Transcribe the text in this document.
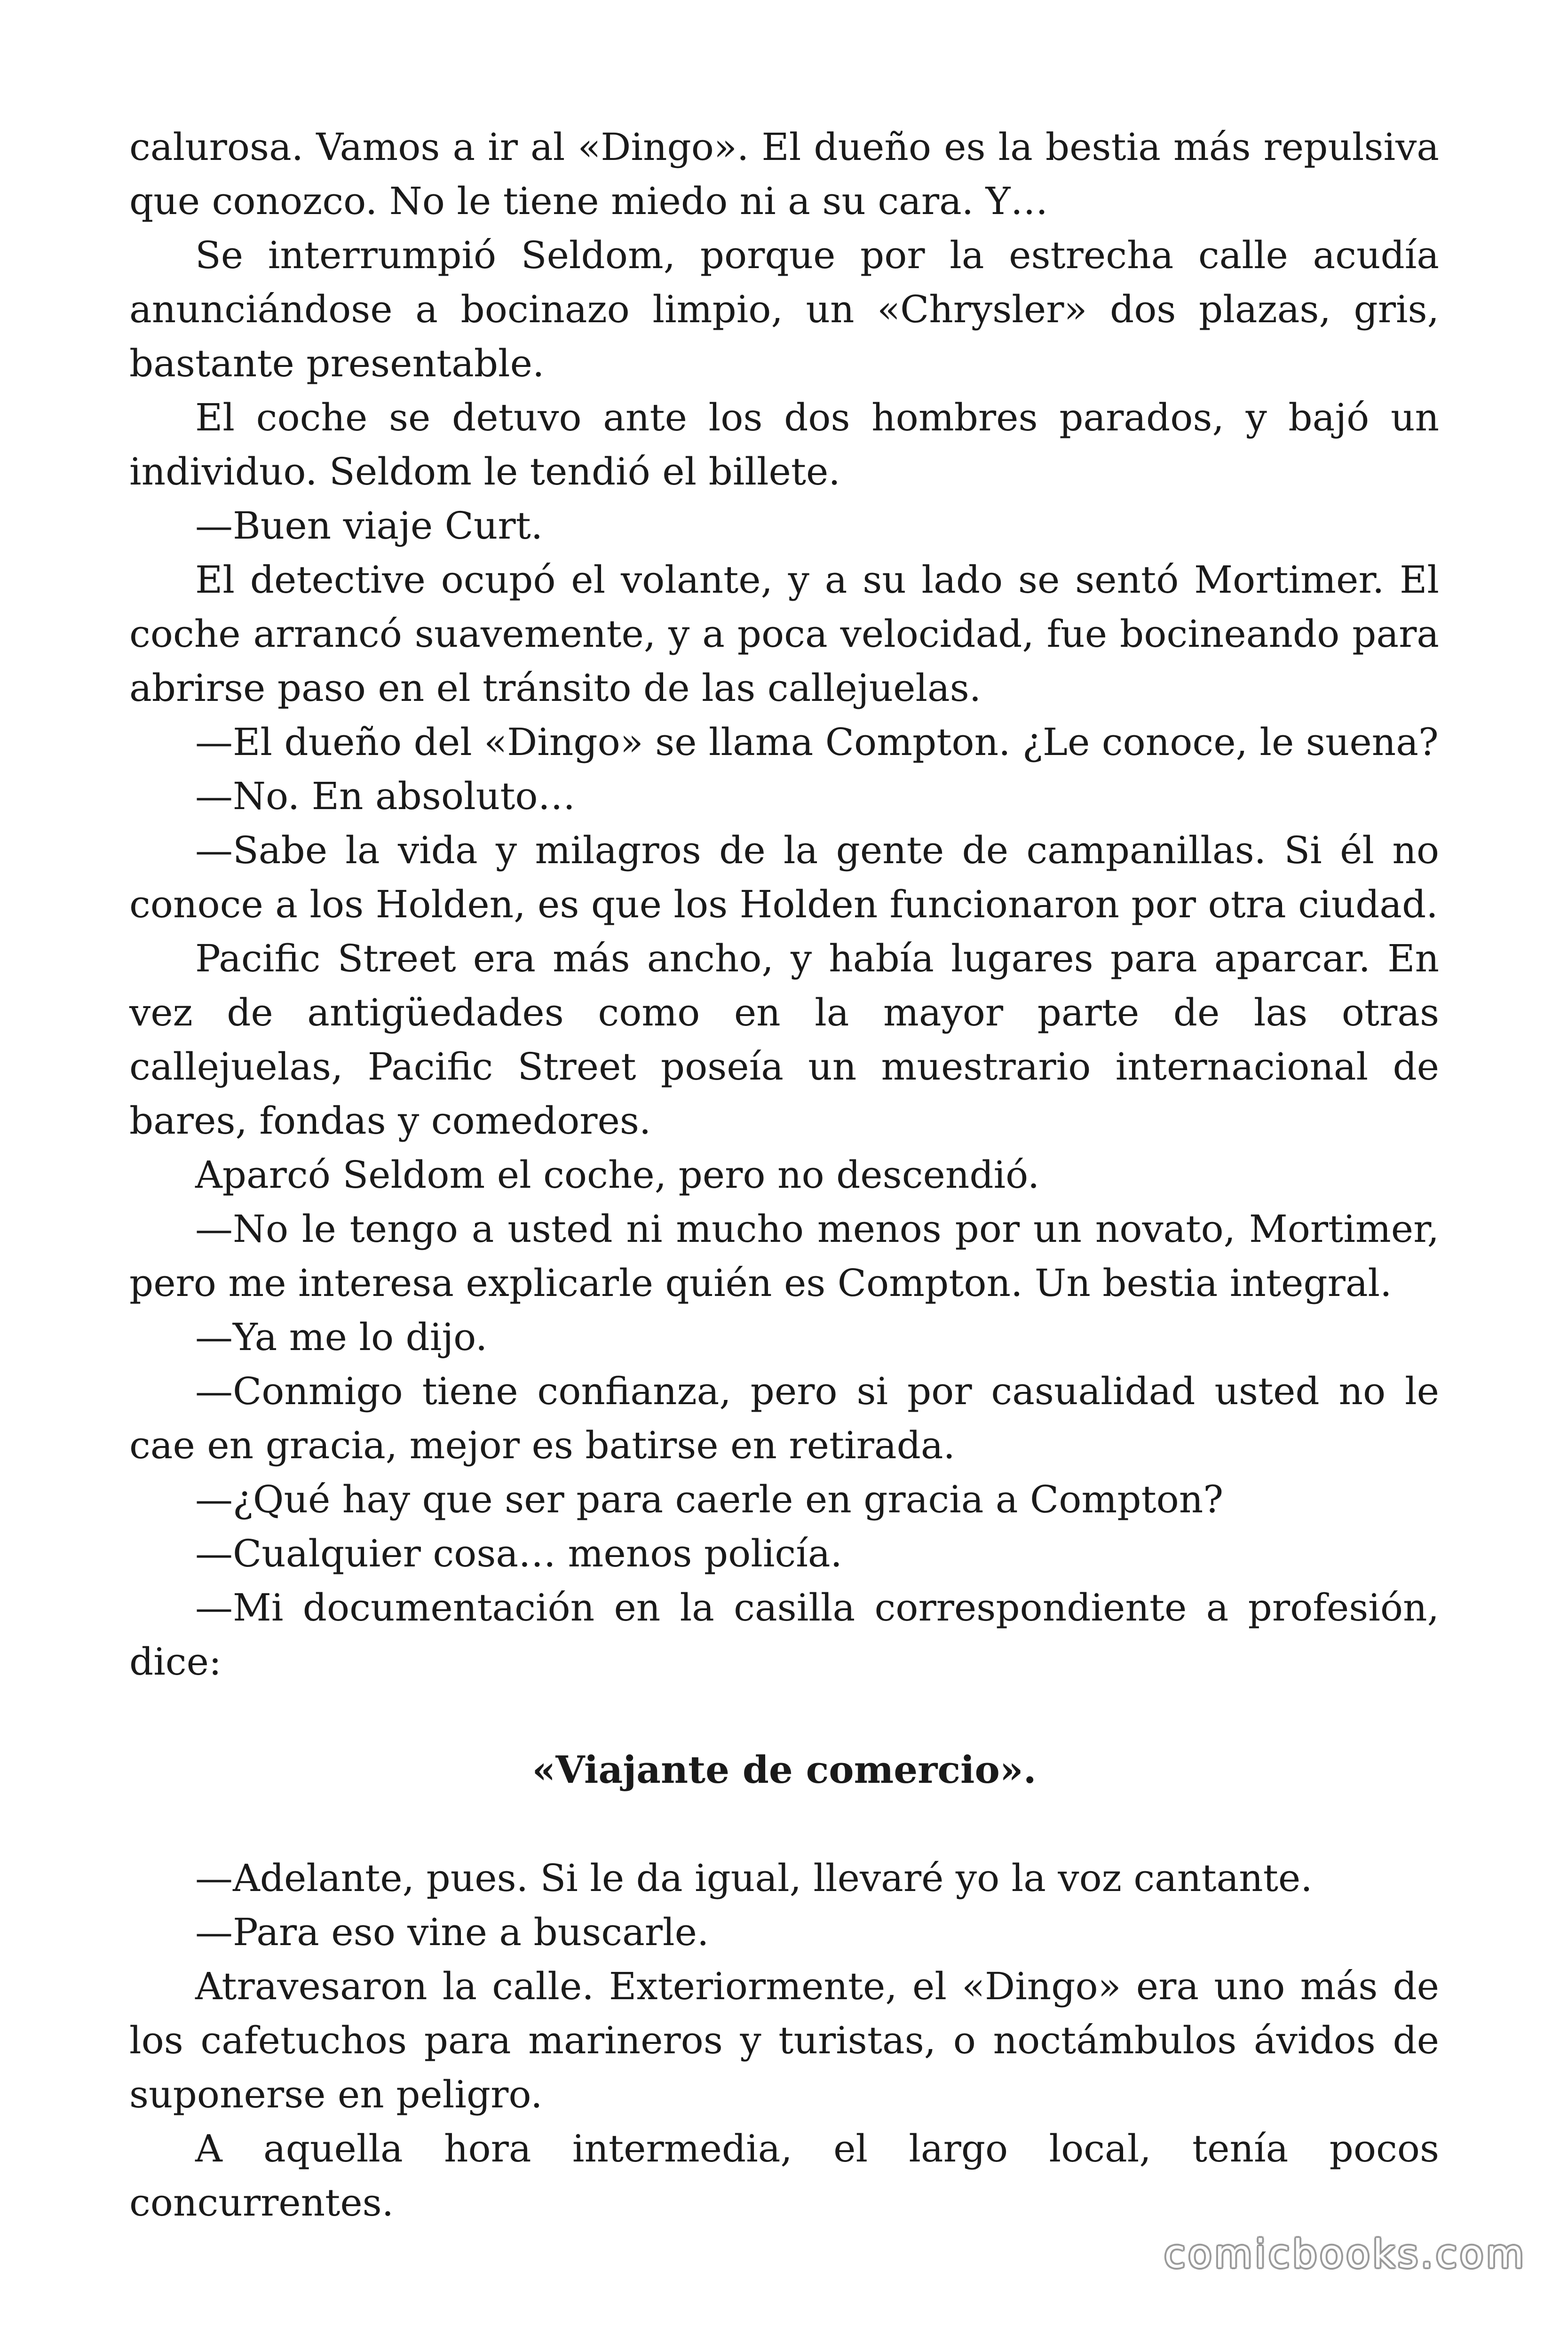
calurosa. Vamos a ir al «Dingo». El dueño es la bestia más repulsiva que conozco. No le tiene miedo ni a su cara. Y…

Se interrumpió Seldom, porque por la estrecha calle acudía anunciándose a bocinazo limpio, un «Chrysler» dos plazas, gris, bastante presentable.

El coche se detuvo ante los dos hombres parados, y bajó un individuo. Seldom le tendió el billete.

—Buen viaje Curt.

El detective ocupó el volante, y a su lado se sentó Mortimer. El coche arrancó suavemente, y a poca velocidad, fue bocineando para abrirse paso en el tránsito de las callejuelas.

—El dueño del «Dingo» se llama Compton. ¿Le conoce, le suena?

—No. En absoluto…

—Sabe la vida y milagros de la gente de campanillas. Si él no conoce a los Holden, es que los Holden funcionaron por otra ciudad.

Pacific Street era más ancho, y había lugares para aparcar. En vez de antigüedades como en la mayor parte de las otras callejuelas, Pacific Street poseía un muestrario internacional de bares, fondas y comedores.

Aparcó Seldom el coche, pero no descendió.

—No le tengo a usted ni mucho menos por un novato, Mortimer, pero me interesa explicarle quién es Compton. Un bestia integral.

—Ya me lo dijo.

—Conmigo tiene confianza, pero si por casualidad usted no le cae en gracia, mejor es batirse en retirada.

—¿Qué hay que ser para caerle en gracia a Compton?

—Cualquier cosa… menos policía.

—Mi documentación en la casilla correspondiente a profesión, dice:

«Viajante de comercio».

—Adelante, pues. Si le da igual, llevaré yo la voz cantante.

—Para eso vine a buscarle.

Atravesaron la calle. Exteriormente, el «Dingo» era uno más de los cafetuchos para marineros y turistas, o noctámbulos ávidos de suponerse en peligro.

A aquella hora intermedia, el largo local, tenía pocos concurrentes.

comicbooks.com
